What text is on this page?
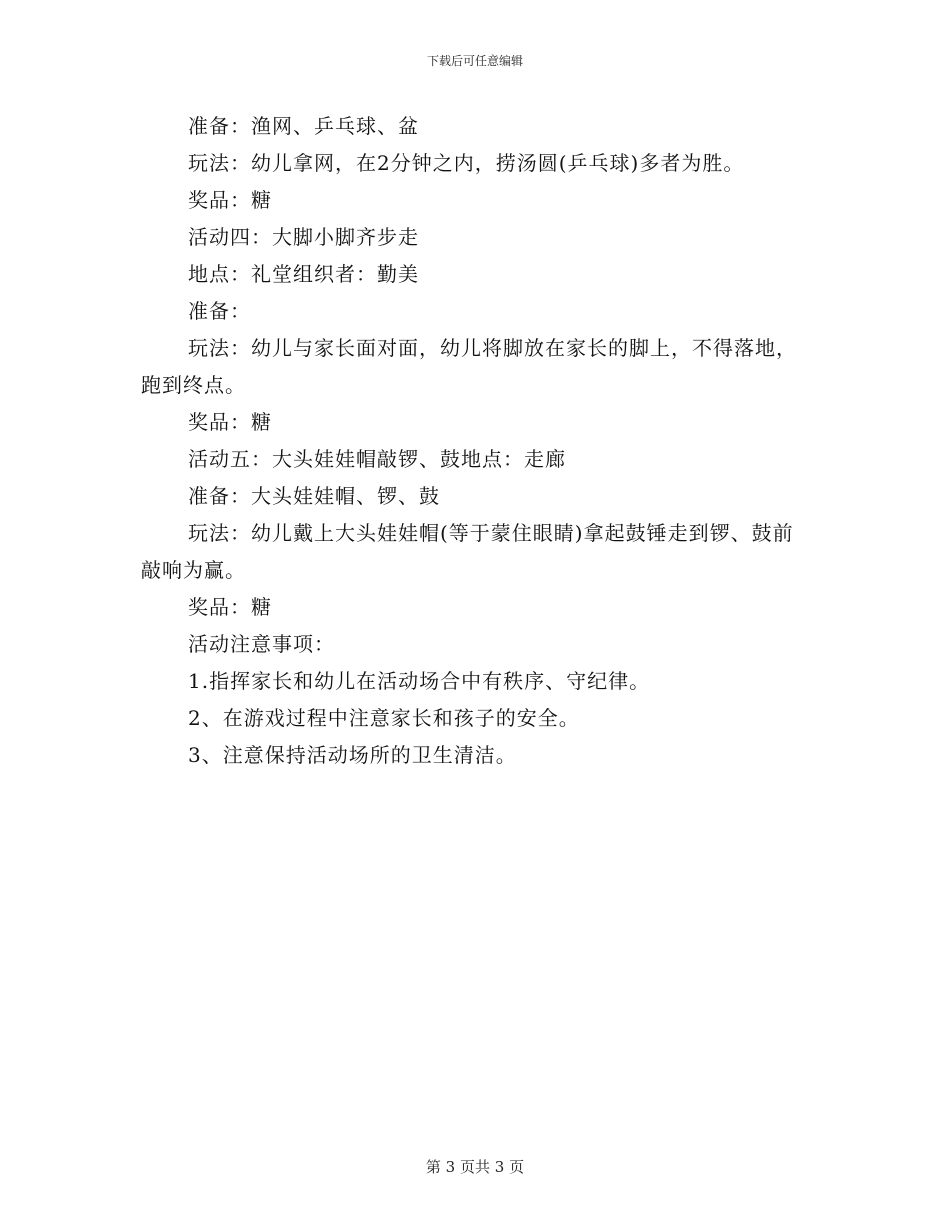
下载后可任意编辑

准备：渔网、乒乓球、盆

玩法：幼儿拿网，在2分钟之内，捞汤圆(乒乓球)多者为胜。

奖品：糖

活动四：大脚小脚齐步走

地点：礼堂组织者：勤美

准备：

玩法：幼儿与家长面对面，幼儿将脚放在家长的脚上，不得落地，跑到终点。

奖品：糖

活动五：大头娃娃帽敲锣、鼓地点：走廊

准备：大头娃娃帽、锣、鼓

玩法：幼儿戴上大头娃娃帽(等于蒙住眼睛)拿起鼓锤走到锣、鼓前敲响为赢。

奖品：糖

活动注意事项：

1.指挥家长和幼儿在活动场合中有秩序、守纪律。

2、在游戏过程中注意家长和孩子的安全。

3、注意保持活动场所的卫生清洁。

第 3 页共 3 页
